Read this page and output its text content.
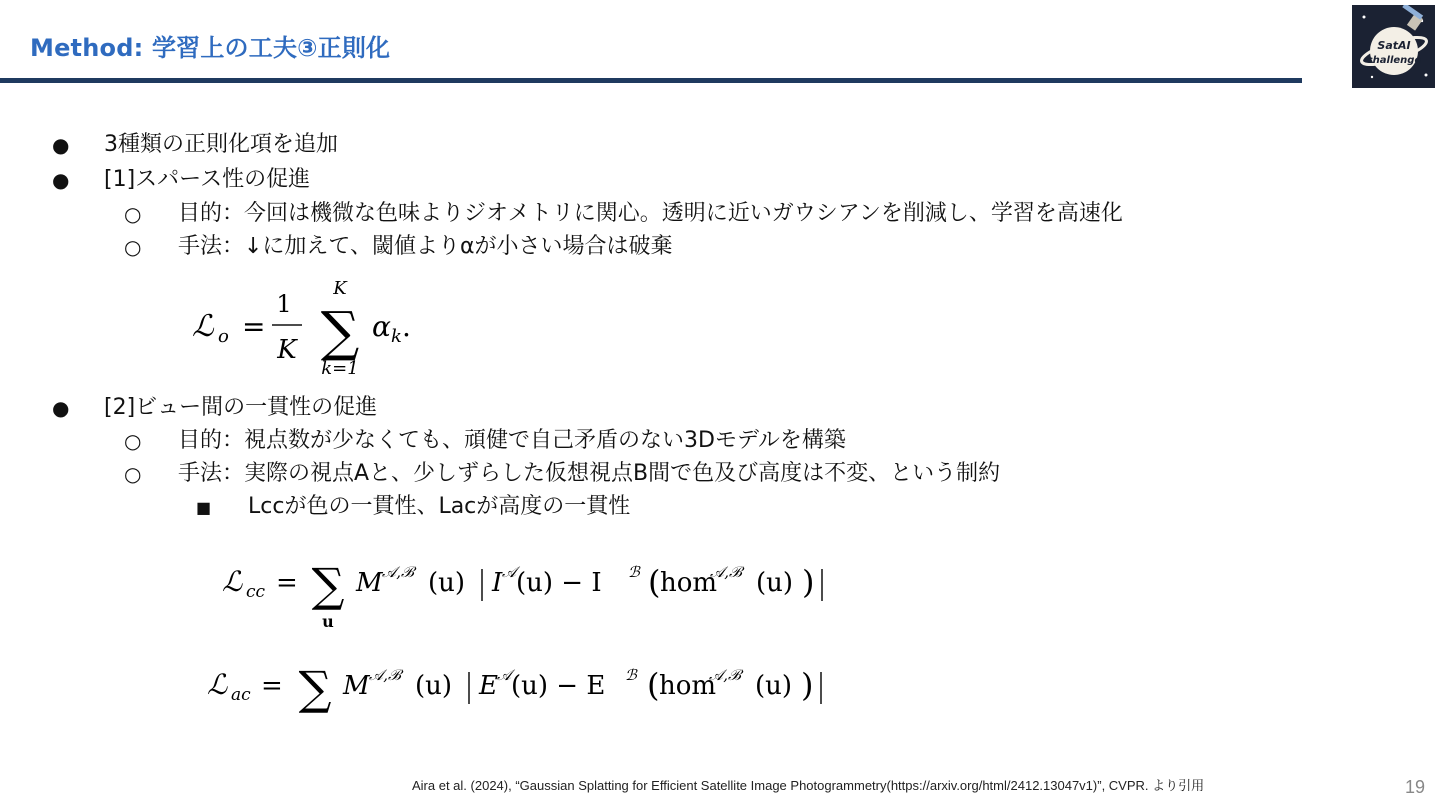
Method: 学習上の工夫③正則化	SatAI
challenge
● 3種類の正則化項を追加
● [1]スパース性の促進
○ 目的：今回は機微な色味よりジオメトリに関心。透明に近いガウシアンを削減し、学習を高速化
○ 手法：↓に加えて、閾値よりαが小さい場合は破棄
ℒ o =
1
K
K
∑
k=1
α k .
● [2]ビュー間の一貫性の促進
○ 目的：視点数が少なくても、頑健で自己矛盾のない3Dモデルを構築
○ 手法：実際の視点Aと、少しずらした仮想視点B間で色及び高度は不変、という制約
■ Lccが色の一貫性、Lacが高度の一貫性
ℒ cc = ∑
u
M 𝒜,ℬ (u) I 𝒜 (u) − I ℬ ( hom
𝒜,ℬ (u) )
ℒ ac = ∑ M 𝒜,ℬ (u) E 𝒜 (u) − E ℬ ( hom
𝒜,ℬ (u) )
Aira et al. (2024), “Gaussian Splatting for Efficient Satellite Image Photogrammetry(https://arxiv.org/html/2412.13047v1)”, CVPR. より引用	19
